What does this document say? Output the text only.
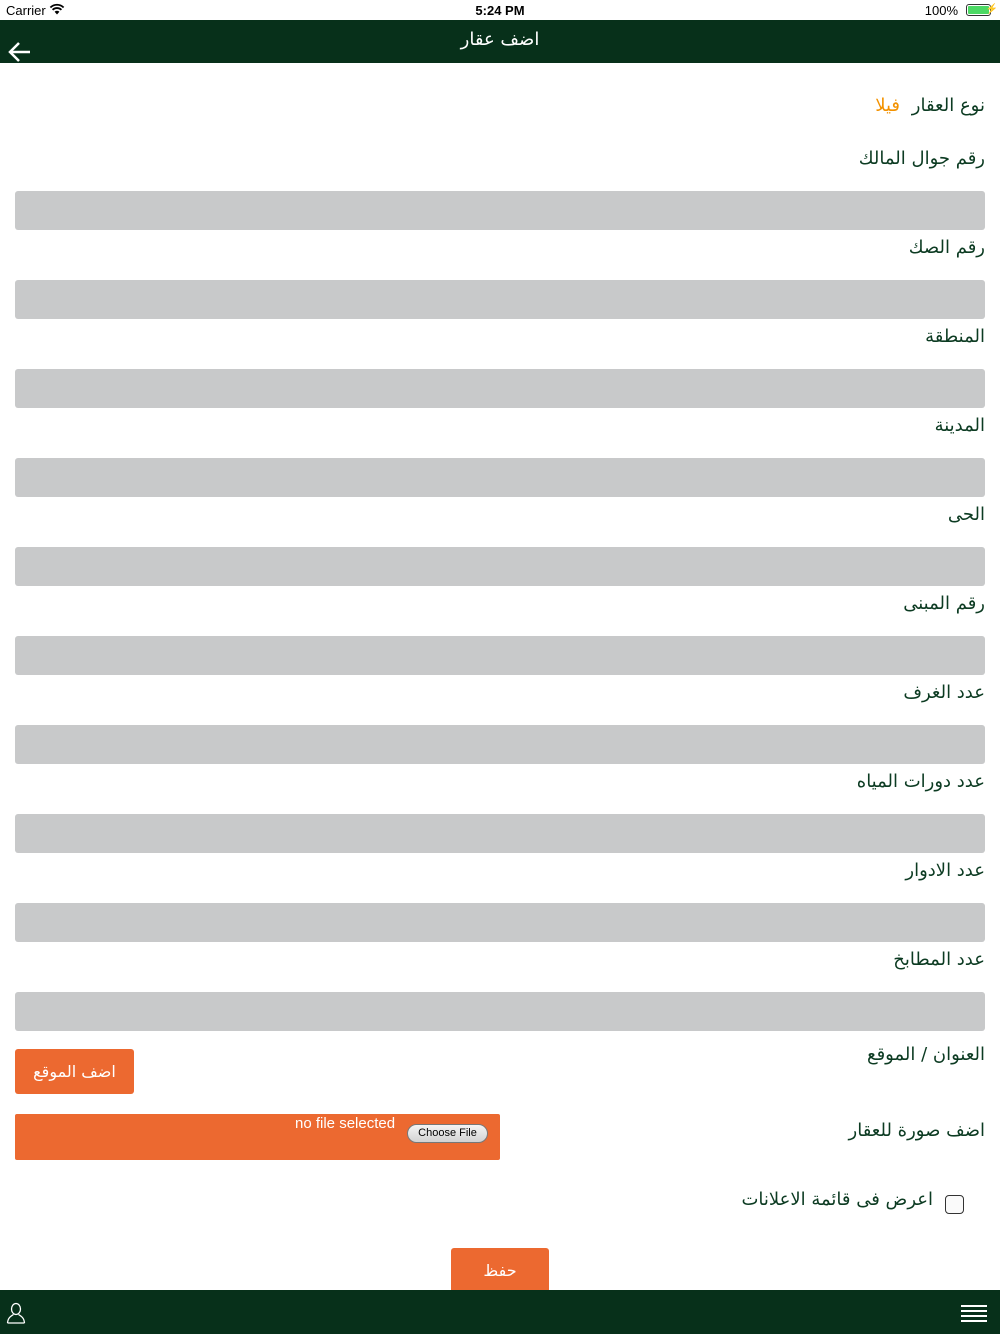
Carrier	5:24 PM	100%	⚡
اضف عقار
نوع العقار فيلا
رقم جوال المالك
رقم الصك
المنطقة
المدينة
الحى
رقم المبنى
عدد الغرف
عدد دورات المياه
عدد الادوار
عدد المطابخ
العنوان / الموقع
اضف الموقع
اضف صورة للعقار
no file selected
Choose File
اعرض فى قائمة الاعلانات
حفظ
